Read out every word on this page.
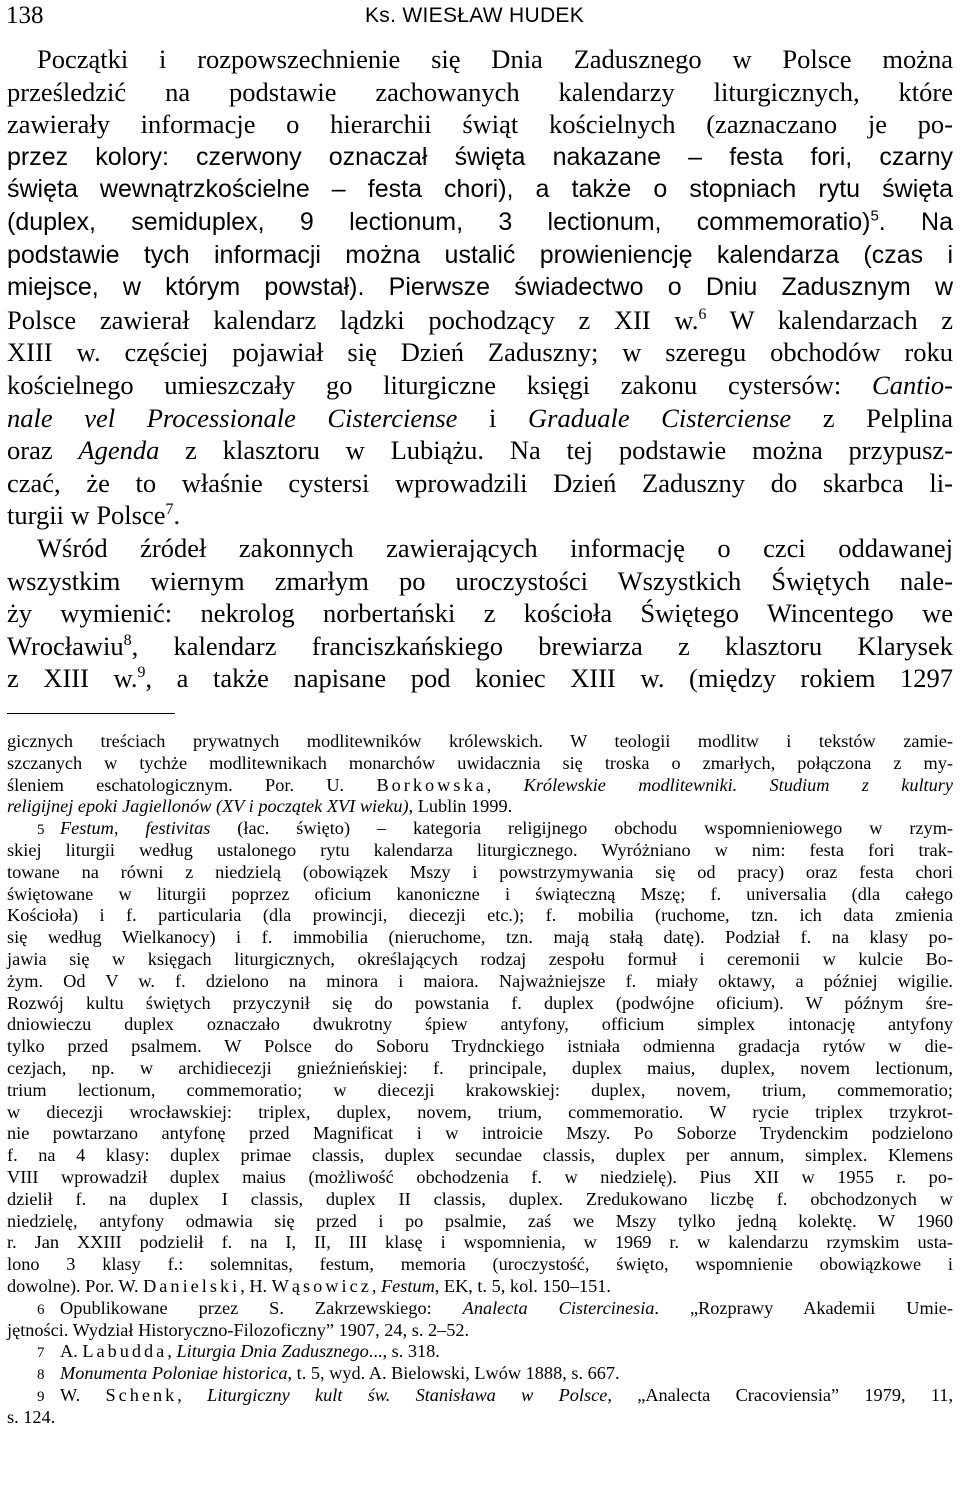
138	Ks. WIESŁAW HUDEK
Początki i rozpowszechnienie się Dnia Zadusznego w Polsce można
prześledzić na podstawie zachowanych kalendarzy liturgicznych, które
zawierały informacje o hierarchii świąt kościelnych (zaznaczano je po-
przez kolory: czerwony oznaczał święta nakazane – festa fori, czarny
święta wewnątrzkościelne – festa chori), a także o stopniach rytu święta
(duplex, semiduplex, 9 lectionum, 3 lectionum, commemoratio)$^5$. Na
podstawie tych informacji można ustalić prowieniencję kalendarza (czas i
miejsce, w którym powstał). Pierwsze świadectwo o Dniu Zadusznym w
Polsce zawierał kalendarz lądzki pochodzący z XII w.$^6$ W kalendarzach z
XIII w. częściej pojawiał się Dzień Zaduszny; w szeregu obchodów roku
kościelnego umieszczały go liturgiczne księgi zakonu cystersów: Cantio-
nale vel Processionale Cisterciense i Graduale Cisterciense z Pelplina
oraz Agenda z klasztoru w Lubiążu. Na tej podstawie można przypusz-
czać, że to właśnie cystersi wprowadzili Dzień Zaduszny do skarbca li-
turgii w Polsce$^7$.
Wśród źródeł zakonnych zawierających informację o czci oddawanej
wszystkim wiernym zmarłym po uroczystości Wszystkich Świętych nale-
ży wymienić: nekrolog norbertański z kościoła Świętego Wincentego we
Wrocławiu$^8$, kalendarz franciszkańskiego brewiarza z klasztoru Klarysek
z XIII w.$^9$, a także napisane pod koniec XIII w. (między rokiem 1297
gicznych treściach prywatnych modlitewników królewskich. W teologii modlitw i tekstów zamie-
szczanych w tychże modlitewnikach monarchów uwidacznia się troska o zmarłych, połączona z my-
śleniem eschatologicznym. Por. U. Borkowska, Królewskie modlitewniki. Studium z kultury
religijnej epoki Jagiellonów (XV i początek XVI wieku), Lublin 1999.
5 Festum, festivitas (łac. święto) – kategoria religijnego obchodu wspomnieniowego w rzym-
skiej liturgii według ustalonego rytu kalendarza liturgicznego. Wyróżniano w nim: festa fori trak-
towane na równi z niedzielą (obowiązek Mszy i powstrzymywania się od pracy) oraz festa chori
świętowane w liturgii poprzez oficium kanoniczne i świąteczną Mszę; f. universalia (dla całego
Kościoła) i f. particularia (dla prowincji, diecezji etc.); f. mobilia (ruchome, tzn. ich data zmienia
się według Wielkanocy) i f. immobilia (nieruchome, tzn. mają stałą datę). Podział f. na klasy po-
jawia się w księgach liturgicznych, określających rodzaj zespołu formuł i ceremonii w kulcie Bo-
żym. Od V w. f. dzielono na minora i maiora. Najważniejsze f. miały oktawy, a później wigilie.
Rozwój kultu świętych przyczynił się do powstania f. duplex (podwójne oficium). W późnym śre-
dniowieczu duplex oznaczało dwukrotny śpiew antyfony, officium simplex intonację antyfony
tylko przed psalmem. W Polsce do Soboru Trydnckiego istniała odmienna gradacja rytów w die-
cezjach, np. w archidiecezji gnieźnieńskiej: f. principale, duplex maius, duplex, novem lectionum,
trium lectionum, commemoratio; w diecezji krakowskiej: duplex, novem, trium, commemoratio;
w diecezji wrocławskiej: triplex, duplex, novem, trium, commemoratio. W rycie triplex trzykrot-
nie powtarzano antyfonę przed Magnificat i w introicie Mszy. Po Soborze Trydenckim podzielono
f. na 4 klasy: duplex primae classis, duplex secundae classis, duplex per annum, simplex. Klemens
VIII wprowadził duplex maius (możliwość obchodzenia f. w niedzielę). Pius XII w 1955 r. po-
dzielił f. na duplex I classis, duplex II classis, duplex. Zredukowano liczbę f. obchodzonych w
niedzielę, antyfony odmawia się przed i po psalmie, zaś we Mszy tylko jedną kolektę. W 1960
r. Jan XXIII podzielił f. na I, II, III klasę i wspomnienia, w 1969 r. w kalendarzu rzymskim usta-
lono 3 klasy f.: solemnitas, festum, memoria (uroczystość, święto, wspomnienie obowiązkowe i
dowolne). Por. W. Danielski, H. Wąsowicz, Festum, EK, t. 5, kol. 150–151.
6 Opublikowane przez S. Zakrzewskiego: Analecta Cistercinesia. „Rozprawy Akademii Umie-
jętności. Wydział Historyczno-Filozoficzny” 1907, 24, s. 2–52.
7 A. Labudda, Liturgia Dnia Zadusznego..., s. 318.
8 Monumenta Poloniae historica, t. 5, wyd. A. Bielowski, Lwów 1888, s. 667.
9 W. Schenk, Liturgiczny kult św. Stanisława w Polsce, „Analecta Cracoviensia” 1979, 11,
s. 124.
